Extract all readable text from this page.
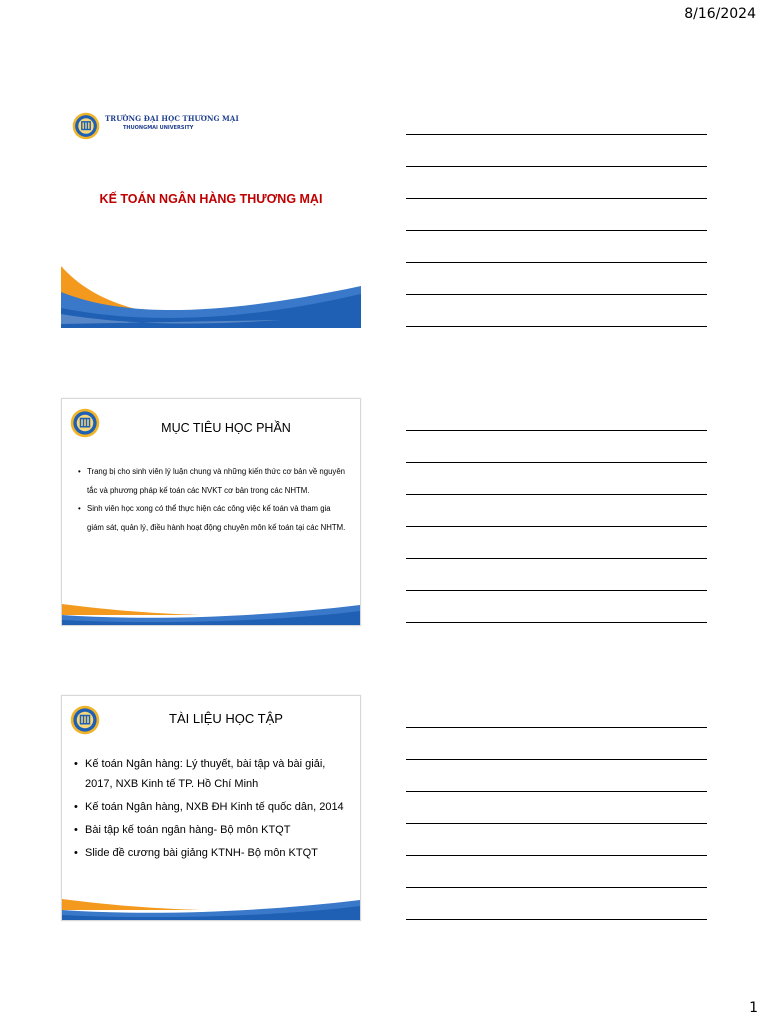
8/16/2024
TRƯỜNG ĐẠI HỌC THƯƠNG MẠI
THUONGMAI UNIVERSITY
KẾ TOÁN NGÂN HÀNG THƯƠNG MẠI
MỤC TIÊU HỌC PHẦN
• Trang bị cho sinh viên lý luận chung và những kiến thức cơ bản về nguyên tắc và phương pháp kế toán các NVKT cơ bản trong các NHTM.
• Sinh viên học xong có thể thực hiện các công việc kế toán và tham gia giám sát, quản lý, điều hành hoạt động chuyên môn kế toán tại các NHTM.
TÀI LIỆU HỌC TẬP
• Kế toán Ngân hàng: Lý thuyết, bài tập và bài giải, 2017, NXB Kinh tế TP. Hồ Chí Minh
• Kế toán Ngân hàng, NXB ĐH Kinh tế quốc dân, 2014
• Bài tập kế toán ngân hàng- Bộ môn KTQT
• Slide đề cương bài giảng KTNH- Bộ môn KTQT
1
